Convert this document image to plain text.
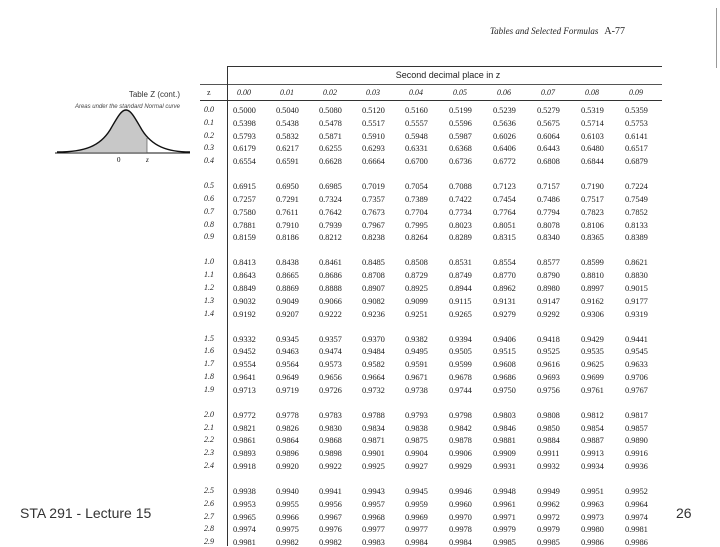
Tables and Selected Formulas A-77
Table Z (cont.)
Areas under the standard Normal curve
0	z
Second decimal place in z
z	0.00	0.01	0.02	0.03	0.04	0.05	0.06	0.07	0.08	0.09
0.0	0.5000 0.5040 0.5080 0.5120 0.5160 0.5199 0.5239 0.5279 0.5319 0.5359
0.1	0.5398 0.5438 0.5478 0.5517 0.5557 0.5596 0.5636 0.5675 0.5714 0.5753
0.2	0.5793 0.5832 0.5871 0.5910 0.5948 0.5987 0.6026 0.6064 0.6103 0.6141
0.3	0.6179 0.6217 0.6255 0.6293 0.6331 0.6368 0.6406 0.6443 0.6480 0.6517
0.4	0.6554 0.6591 0.6628 0.6664 0.6700 0.6736 0.6772 0.6808 0.6844 0.6879
0.5	0.6915 0.6950 0.6985 0.7019 0.7054 0.7088 0.7123 0.7157 0.7190 0.7224
0.6	0.7257 0.7291 0.7324 0.7357 0.7389 0.7422 0.7454 0.7486 0.7517 0.7549
0.7	0.7580 0.7611 0.7642 0.7673 0.7704 0.7734 0.7764 0.7794 0.7823 0.7852
0.8	0.7881 0.7910 0.7939 0.7967 0.7995 0.8023 0.8051 0.8078 0.8106 0.8133
0.9	0.8159 0.8186 0.8212 0.8238 0.8264 0.8289 0.8315 0.8340 0.8365 0.8389
1.0	0.8413 0.8438 0.8461 0.8485 0.8508 0.8531 0.8554 0.8577 0.8599 0.8621
1.1	0.8643 0.8665 0.8686 0.8708 0.8729 0.8749 0.8770 0.8790 0.8810 0.8830
1.2	0.8849 0.8869 0.8888 0.8907 0.8925 0.8944 0.8962 0.8980 0.8997 0.9015
1.3	0.9032 0.9049 0.9066 0.9082 0.9099 0.9115	0.9131 0.9147 0.9162 0.9177
1.4	0.9192 0.9207 0.9222 0.9236 0.9251 0.9265 0.9279 0.9292 0.9306 0.9319
1.5	0.9332 0.9345 0.9357 0.9370 0.9382 0.9394 0.9406 0.9418 0.9429 0.9441
1.6	0.9452 0.9463 0.9474 0.9484 0.9495 0.9505 0.9515 0.9525 0.9535 0.9545
1.7	0.9554 0.9564 0.9573 0.9582 0.9591 0.9599 0.9608 0.9616 0.9625 0.9633
1.8	0.9641 0.9649 0.9656 0.9664 0.9671 0.9678 0.9686 0.9693 0.9699 0.9706
1.9	0.9713 0.9719 0.9726 0.9732 0.9738 0.9744 0.9750 0.9756 0.9761 0.9767
2.0	0.9772 0.9778 0.9783 0.9788 0.9793 0.9798 0.9803 0.9808 0.9812 0.9817
2.1	0.9821 0.9826 0.9830 0.9834 0.9838 0.9842 0.9846 0.9850 0.9854 0.9857
2.2	0.9861 0.9864 0.9868 0.9871 0.9875 0.9878 0.9881 0.9884 0.9887 0.9890
2.3	0.9893 0.9896 0.9898 0.9901 0.9904 0.9906 0.9909 0.9911	0.9913 0.9916
2.4	0.9918 0.9920 0.9922 0.9925 0.9927 0.9929 0.9931 0.9932 0.9934 0.9936
2.5	0.9938 0.9940 0.9941 0.9943 0.9945 0.9946 0.9948 0.9949 0.9951 0.9952
2.6	0.9953 0.9955 0.9956 0.9957 0.9959 0.9960 0.9961 0.9962 0.9963 0.9964
2.7	0.9965 0.9966 0.9967 0.9968 0.9969 0.9970 0.9971 0.9972 0.9973 0.9974
2.8	0.9974 0.9975 0.9976 0.9977 0.9977 0.9978 0.9979 0.9979 0.9980 0.9981
2.9	0.9981 0.9982 0.9982 0.9983 0.9984 0.9984 0.9985 0.9985 0.9986 0.9986
STA 291 - Lecture 15	26
